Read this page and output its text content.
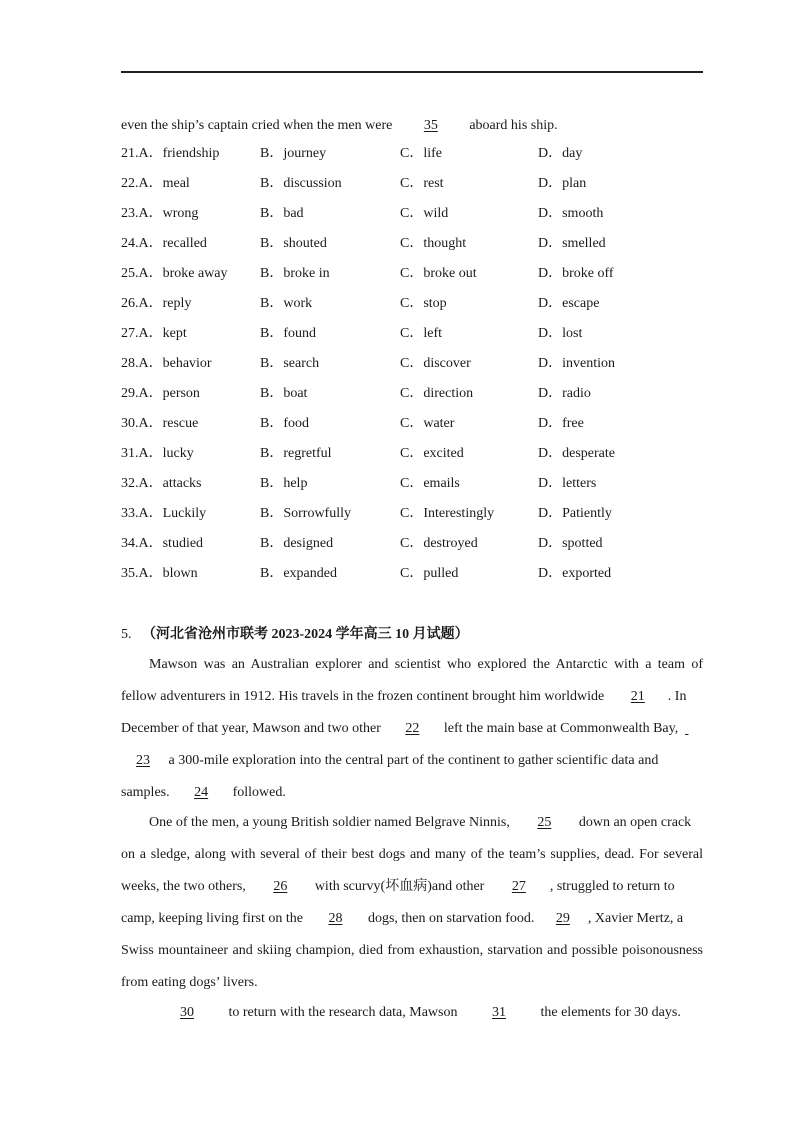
even the ship’s captain cried when the men were 35 aboard his ship.
21.A．friendship	B．journey	C．life	D．day
22.A．meal	B．discussion	C．rest	D．plan
23.A．wrong	B．bad	C．wild	D．smooth
24.A．recalled	B．shouted	C．thought	D．smelled
25.A．broke away B．broke in	C．broke out	D．broke off
26.A．reply	B．work	C．stop	D．escape
27.A．kept	B．found	C．left	D．lost
28.A．behavior	B．search	C．discover	D．invention
29.A．person	B．boat	C．direction	D．radio
30.A．rescue	B．food	C．water	D．free
31.A．lucky	B．regretful	C．excited	D．desperate
32.A．attacks	B．help	C．emails	D．letters
33.A．Luckily	B．Sorrowfully	C．Interestingly	D．Patiently
34.A．studied	B．designed	C．destroyed	D．spotted
35.A．blown	B．expanded	C．pulled	D．exported
5. （河北省沧州市联考 2023-2024 学年高三 10 月试题）
Mawson was an Australian explorer and scientist who explored the Antarctic with a team of
fellow adventurers in 1912. His travels in the frozen continent brought him worldwide 21 . In
December of that year, Mawson and two other 22 left the main base at Commonwealth Bay,
23 a 300-mile exploration into the central part of the continent to gather scientific data and
samples. 24 followed.
One of the men, a young British soldier named Belgrave Ninnis, 25 down an open crack
on a sledge, along with several of their best dogs and many of the team’s supplies, dead. For several
weeks, the two others, 26 with scurvy(坏血病)and other 27 , struggled to return to
camp, keeping living first on the 28 dogs, then on starvation food. 29 , Xavier Mertz, a
Swiss mountaineer and skiing champion, died from exhaustion, starvation and possible poisonousness
from eating dogs’ livers.
30 to return with the research data, Mawson 31 the elements for 30 days.
